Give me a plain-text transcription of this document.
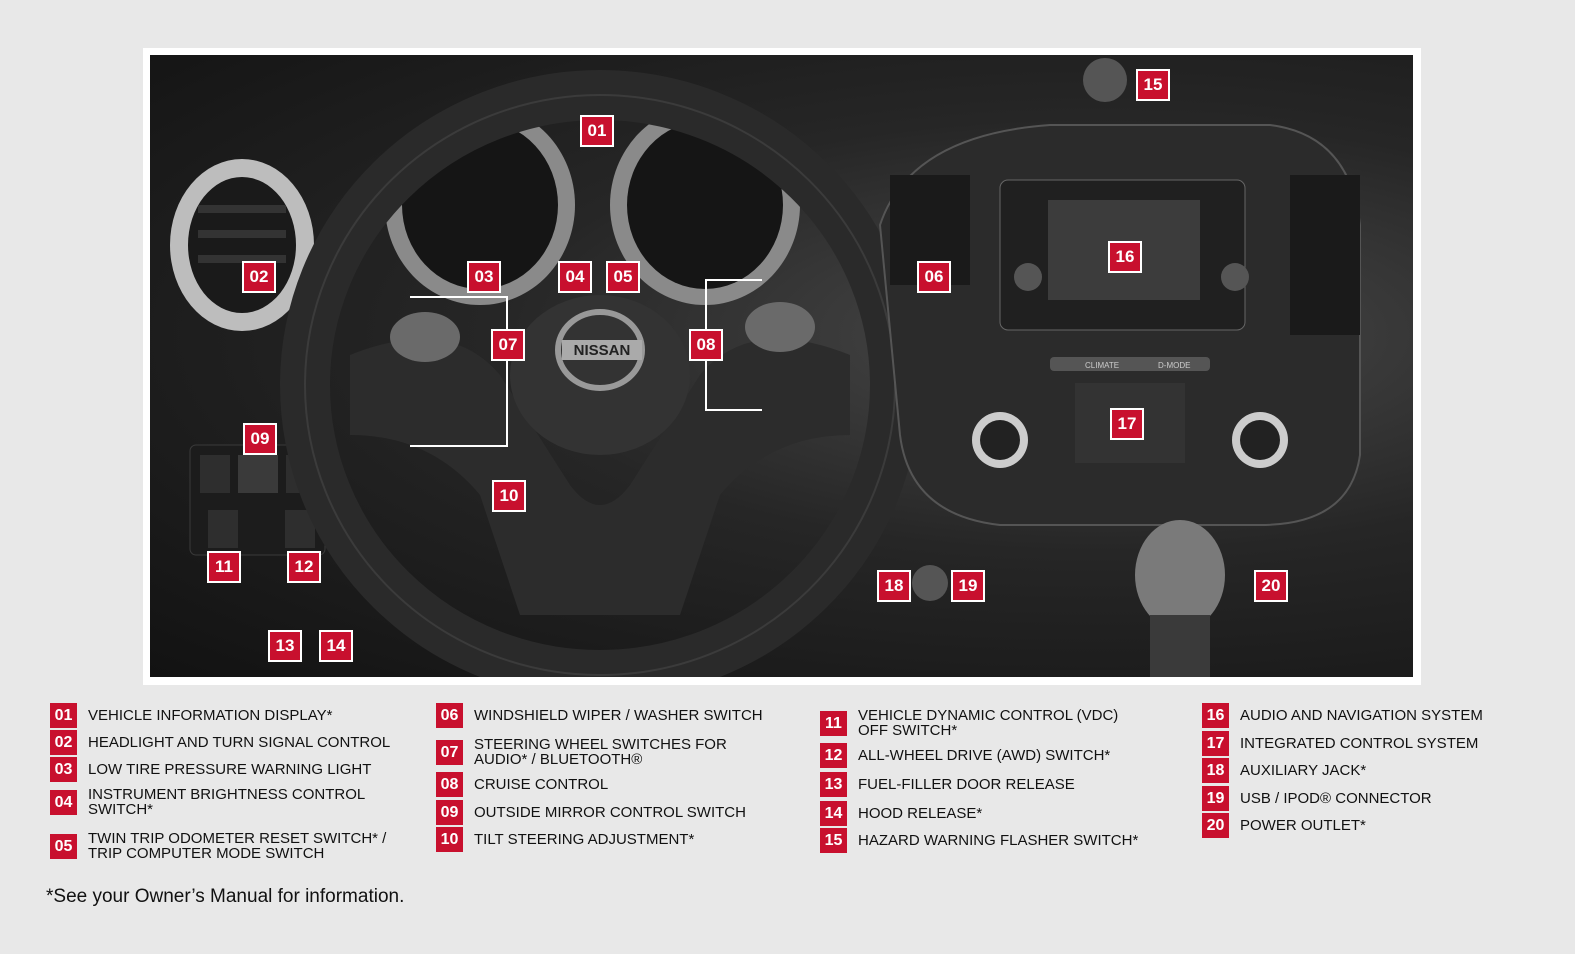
NISSAN
CLIMATE	D-MODE
01
02	03	04	05	06
07	08
09
10
11	12
13	14
15
16
17
18	19	20
01	VEHICLE INFORMATION DISPLAY*
02	HEADLIGHT AND TURN SIGNAL CONTROL
03	LOW TIRE PRESSURE WARNING LIGHT
04	INSTRUMENT BRIGHTNESS CONTROL SWITCH*
05	TWIN TRIP ODOMETER RESET SWITCH* / TRIP COMPUTER MODE SWITCH
06	WINDSHIELD WIPER / WASHER SWITCH
07	STEERING WHEEL SWITCHES FOR AUDIO* / BLUETOOTH®
08	CRUISE CONTROL
09	OUTSIDE MIRROR CONTROL SWITCH
10	TILT STEERING ADJUSTMENT*
11	VEHICLE DYNAMIC CONTROL (VDC) OFF SWITCH*
12	ALL-WHEEL DRIVE (AWD) SWITCH*
13	FUEL-FILLER DOOR RELEASE
14	HOOD RELEASE*
15	HAZARD WARNING FLASHER SWITCH*
16	AUDIO AND NAVIGATION SYSTEM
17	INTEGRATED CONTROL SYSTEM
18	AUXILIARY JACK*
19	USB / IPOD® CONNECTOR
20	POWER OUTLET*
*See your Owner’s Manual for information.
